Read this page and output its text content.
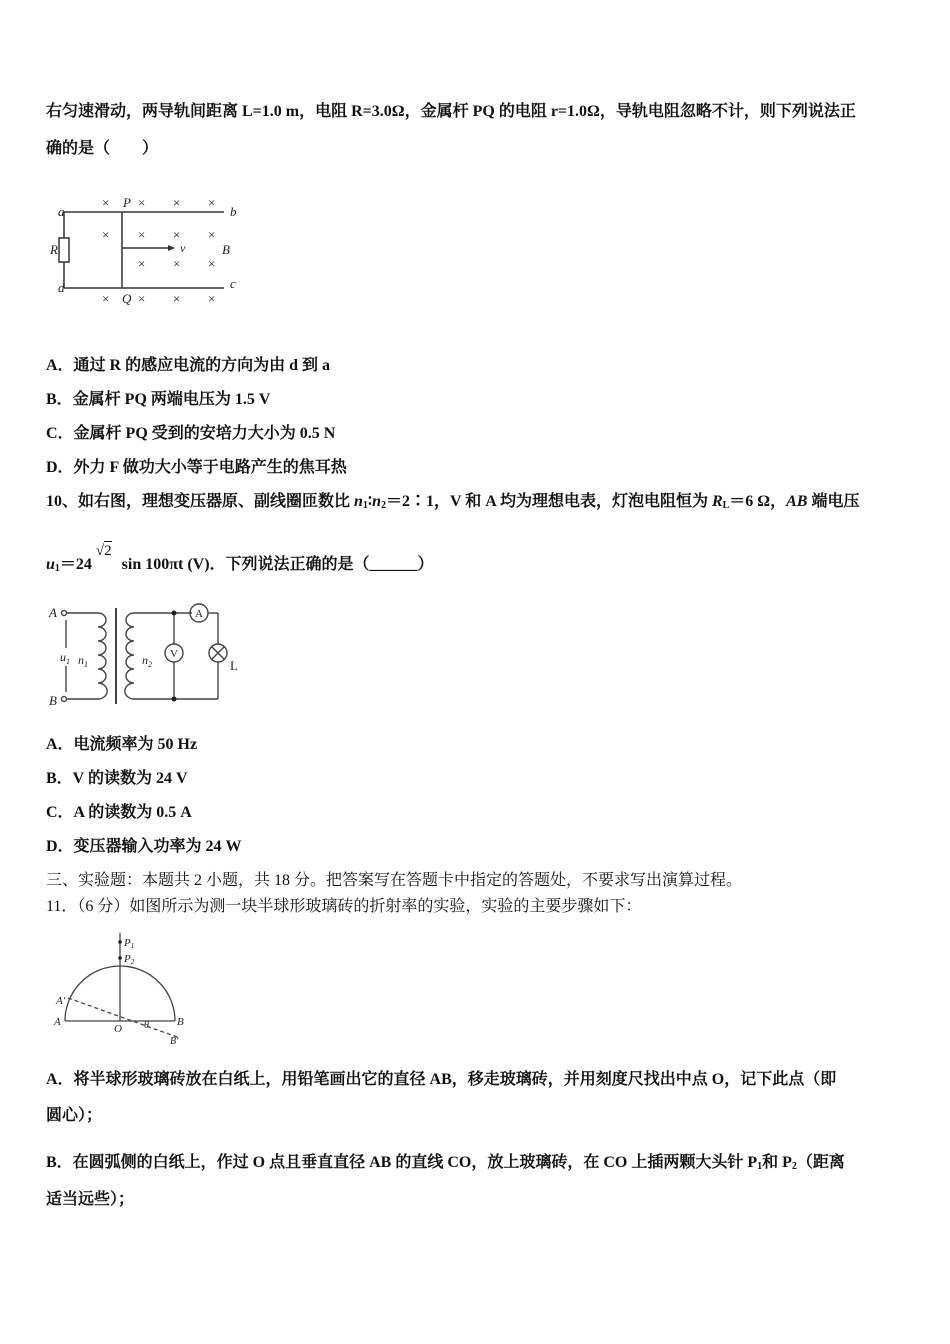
右匀速滑动，两导轨间距离 L=1.0 m，电阻 R=3.0Ω，金属杆 PQ 的电阻 r=1.0Ω，导轨电阻忽略不计，则下列说法正
确的是（　　）
× × × ×
× × × ×
× × ×
× × × ×
a	b
c
d
P
Q
R	v	B
A．通过 R 的感应电流的方向为由 d 到 a
B．金属杆 PQ 两端电压为 1.5 V
C．金属杆 PQ 受到的安培力大小为 0.5 N
D．外力 F 做功大小等于电路产生的焦耳热
10、如右图，理想变压器原、副线圈匝数比 $n_1∶n_2=2∶1$，V 和 A 均为理想电表，灯泡电阻恒为 $R_L=6$ Ω，AB 端电压
$u_1=24√$
2 sin 100πt (V)．下列说法正确的是（______）
A
B
$u_1$ $n_1$	$n_2$
A
V
L
A．电流频率为 50 Hz
B．V 的读数为 24 V
C．A 的读数为 0.5 A
D．变压器输入功率为 24 W
三、实验题：本题共 2 小题，共 18 分。把答案写在答题卡中指定的答题处，不要求写出演算过程。
11．（6 分）如图所示为测一块半球形玻璃砖的折射率的实验，实验的主要步骤如下：
P1
P2
A′
A
O θ	B
B′
A．将半球形玻璃砖放在白纸上，用铅笔画出它的直径 AB，移走玻璃砖，并用刻度尺找出中点 O，记下此点（即
圆心）；
B．在圆弧侧的白纸上，作过 O 点且垂直直径 AB 的直线 CO，放上玻璃砖，在 CO 上插两颗大头针 $P_1$和 $P_2$（距离
适当远些）；
